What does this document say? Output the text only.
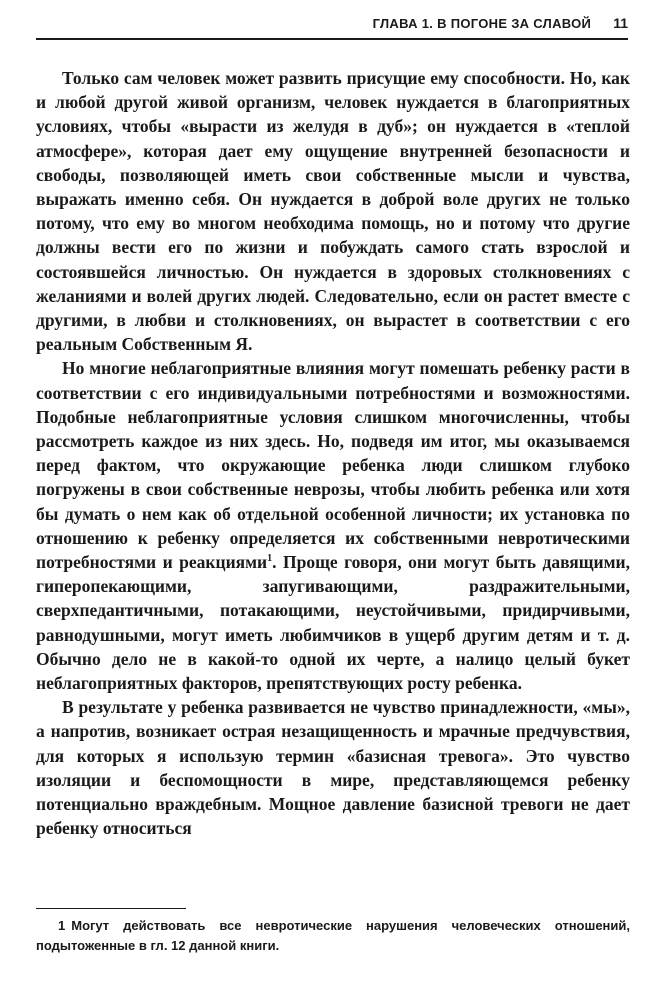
ГЛАВА 1. В ПОГОНЕ ЗА СЛАВОЙ 11

Только сам человек может развить присущие ему способности. Но, как и любой другой живой организм, человек нуждается в благоприятных условиях, чтобы «вырасти из желудя в дуб»; он нуждается в «теплой атмосфере», которая дает ему ощущение внутренней безопасности и свободы, позволяющей иметь свои собственные мысли и чувства, выражать именно себя. Он нуждается в доброй воле других не только потому, что ему во многом необходима помощь, но и потому что другие должны вести его по жизни и побуждать самого стать взрослой и состоявшейся личностью. Он нуждается в здоровых столкновениях с желаниями и волей других людей. Следовательно, если он растет вместе с другими, в любви и столкновениях, он вырастет в соответствии с его реальным Собственным Я.

Но многие неблагоприятные влияния могут помешать ребенку расти в соответствии с его индивидуальными потребностями и возможностями. Подобные неблагоприятные условия слишком многочисленны, чтобы рассмотреть каждое из них здесь. Но, подведя им итог, мы оказываемся перед фактом, что окружающие ребенка люди слишком глубоко погружены в свои собственные неврозы, чтобы любить ребенка или хотя бы думать о нем как об отдельной особенной личности; их установка по отношению к ребенку определяется их собственными невротическими потребностями и реакциями$^1$. Проще говоря, они могут быть давящими, гиперопекающими, запугивающими, раздражительными, сверхпедантичными, потакающими, неустойчивыми, придирчивыми, равнодушными, могут иметь любимчиков в ущерб другим детям и т. д. Обычно дело не в какой-то одной их черте, а налицо целый букет неблагоприятных факторов, препятствующих росту ребенка.

В результате у ребенка развивается не чувство принадлежности, «мы», а напротив, возникает острая незащищенность и мрачные предчувствия, для которых я использую термин «базисная тревога». Это чувство изоляции и беспомощности в мире, представляющемся ребенку потенциально враждебным. Мощное давление базисной тревоги не дает ребенку относиться

1 Могут действовать все невротические нарушения человеческих отношений, подытоженные в гл. 12 данной книги.
